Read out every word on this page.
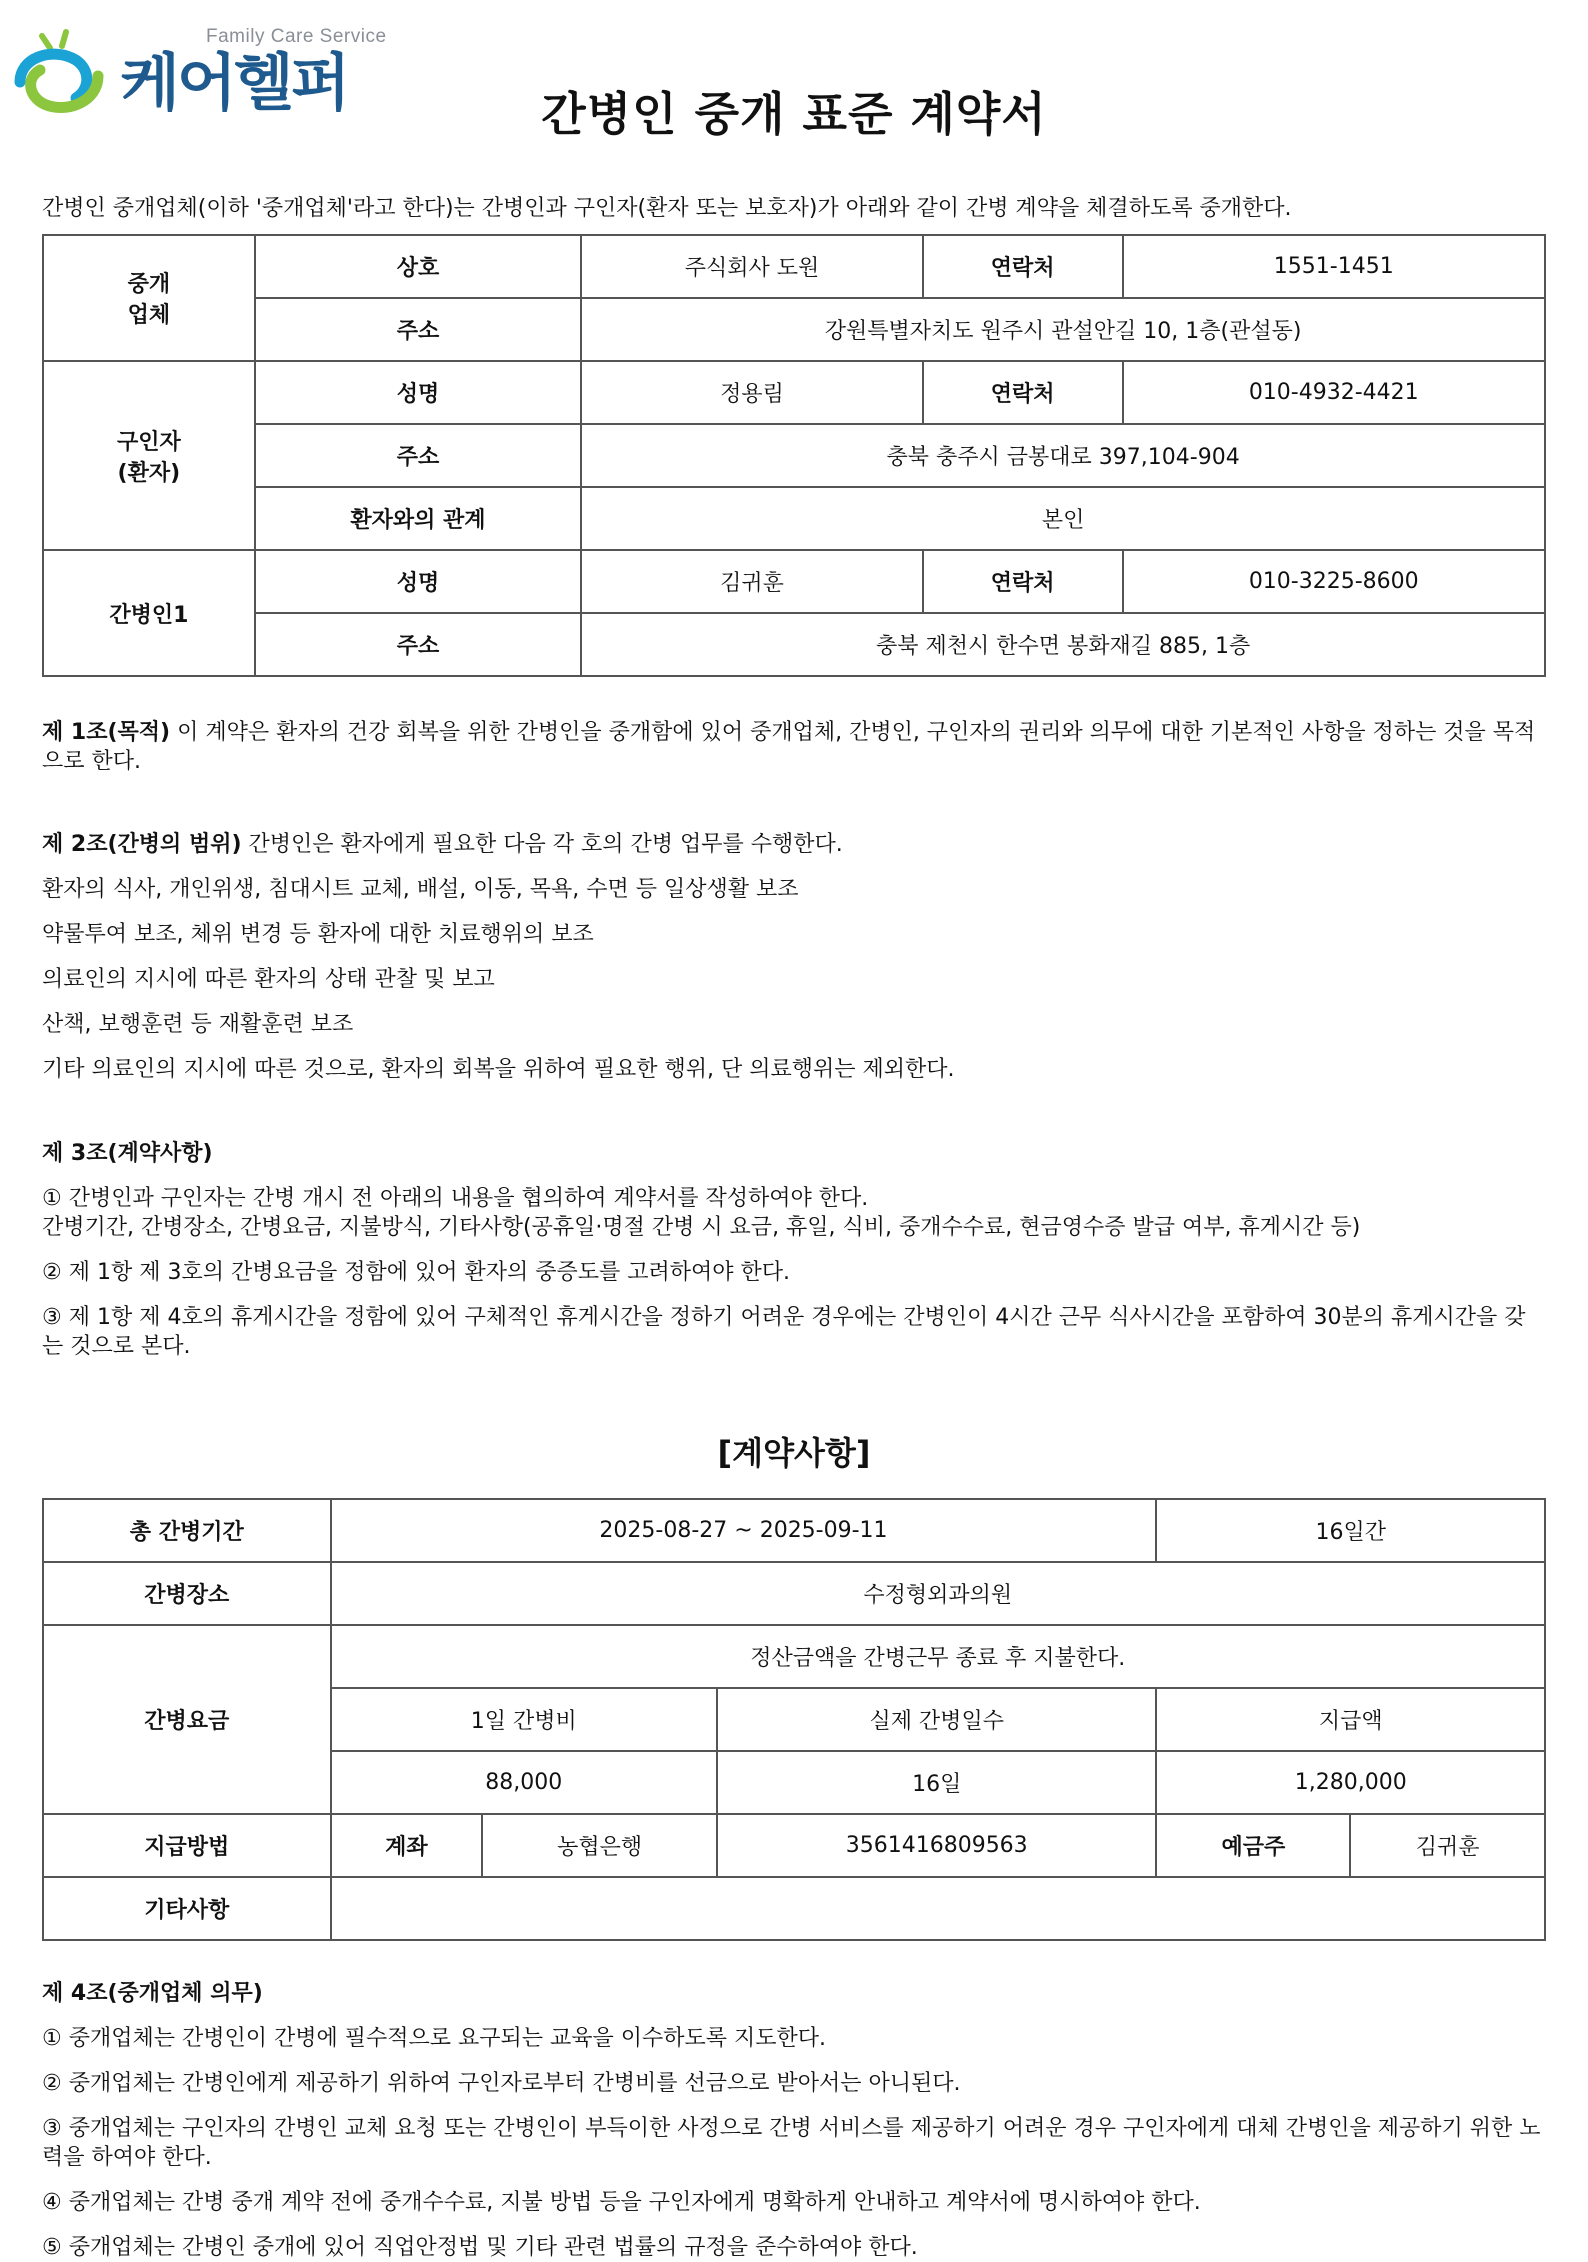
Family Care Service
케어헬퍼	간병인 중개 표준 계약서

간병인 중개업체(이하 '중개업체'라고 한다)는 간병인과 구인자(환자 또는 보호자)가 아래와 같이 간병 계약을 체결하도록 중개한다.

중개
업체	상호	주식회사 도원	연락처	1551-1451
	주소	강원특별자치도 원주시 관설안길 10, 1층(관설동)		
구인자
(환자)	성명	정용림	연락처	010-4932-4421
	주소	충북 충주시 금봉대로 397,104-904		
	환자와의 관계	본인		
간병인1	성명	김귀훈	연락처	010-3225-8600
	주소	충북 제천시 한수면 봉화재길 885, 1층		
제 1조(목적) 이 계약은 환자의 건강 회복을 위한 간병인을 중개함에 있어 중개업체, 간병인, 구인자의 권리와 의무에 대한 기본적인 사항을 정하는 것을 목적으로 한다.
제 2조(간병의 범위) 간병인은 환자에게 필요한 다음 각 호의 간병 업무를 수행한다.
환자의 식사, 개인위생, 침대시트 교체, 배설, 이동, 목욕, 수면 등 일상생활 보조
약물투여 보조, 체위 변경 등 환자에 대한 치료행위의 보조
의료인의 지시에 따른 환자의 상태 관찰 및 보고
산책, 보행훈련 등 재활훈련 보조
기타 의료인의 지시에 따른 것으로, 환자의 회복을 위하여 필요한 행위, 단 의료행위는 제외한다.
제 3조(계약사항)
① 간병인과 구인자는 간병 개시 전 아래의 내용을 협의하여 계약서를 작성하여야 한다.
간병기간, 간병장소, 간병요금, 지불방식, 기타사항(공휴일·명절 간병 시 요금, 휴일, 식비, 중개수수료, 현금영수증 발급 여부, 휴게시간 등)
② 제 1항 제 3호의 간병요금을 정함에 있어 환자의 중증도를 고려하여야 한다.
③ 제 1항 제 4호의 휴게시간을 정함에 있어 구체적인 휴게시간을 정하기 어려운 경우에는 간병인이 4시간 근무 식사시간을 포함하여 30분의 휴게시간을 갖는 것으로 본다.
[계약사항]
총 간병기간	2025-08-27 ~ 2025-09-11			16일간	
간병장소	수정형외과의원				
간병요금	정산금액을 간병근무 종료 후 지불한다.				
	1일 간병비		실제 간병일수	지급액	
	88,000		16일	1,280,000	
지급방법	계좌	농협은행	3561416809563	예금주	김귀훈
기타사항					
제 4조(중개업체 의무)
① 중개업체는 간병인이 간병에 필수적으로 요구되는 교육을 이수하도록 지도한다.
② 중개업체는 간병인에게 제공하기 위하여 구인자로부터 간병비를 선금으로 받아서는 아니된다.
③ 중개업체는 구인자의 간병인 교체 요청 또는 간병인이 부득이한 사정으로 간병 서비스를 제공하기 어려운 경우 구인자에게 대체 간병인을 제공하기 위한 노력을 하여야 한다.
④ 중개업체는 간병 중개 계약 전에 중개수수료, 지불 방법 등을 구인자에게 명확하게 안내하고 계약서에 명시하여야 한다.
⑤ 중개업체는 간병인 중개에 있어 직업안정법 및 기타 관련 법률의 규정을 준수하여야 한다.
